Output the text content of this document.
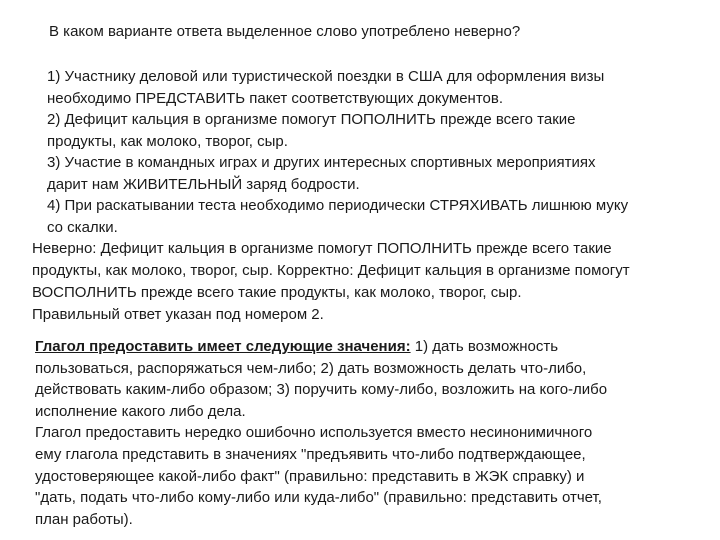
В каком варианте ответа выделенное слово употреблено неверно?
1) Участнику деловой или туристической поездки в США для оформления визы
необходимо ПРЕДСТАВИТЬ пакет соответствующих документов.
2) Дефицит кальция в организме помогут ПОПОЛНИТЬ прежде всего такие
продукты, как молоко, творог, сыр.
3) Участие в командных играх и других интересных спортивных мероприятиях
дарит нам ЖИВИТЕЛЬНЫЙ заряд бодрости.
4) При раскатывании теста необходимо периодически СТРЯХИВАТЬ лишнюю муку
со скалки.
Неверно: Дефицит кальция в организме помогут ПОПОЛНИТЬ прежде всего такие
продукты, как молоко, творог, сыр. Корректно: Дефицит кальция в организме помогут
ВОСПОЛНИТЬ прежде всего такие продукты, как молоко, творог, сыр.
Правильный ответ указан под номером 2.
Глагол предоставить имеет следующие значения: 1) дать возможность
пользоваться, распоряжаться чем-либо; 2) дать возможность делать что-либо,
действовать каким-либо образом; 3) поручить кому-либо, возложить на кого-либо
исполнение какого либо дела.
Глагол предоставить нередко ошибочно используется вместо несинонимичного
ему глагола представить в значениях "предъявить что-либо подтверждающее,
удостоверяющее какой-либо факт" (правильно: представить в ЖЭК справку) и
"дать, подать что-либо кому-либо или куда-либо" (правильно: представить отчет,
план работы).
